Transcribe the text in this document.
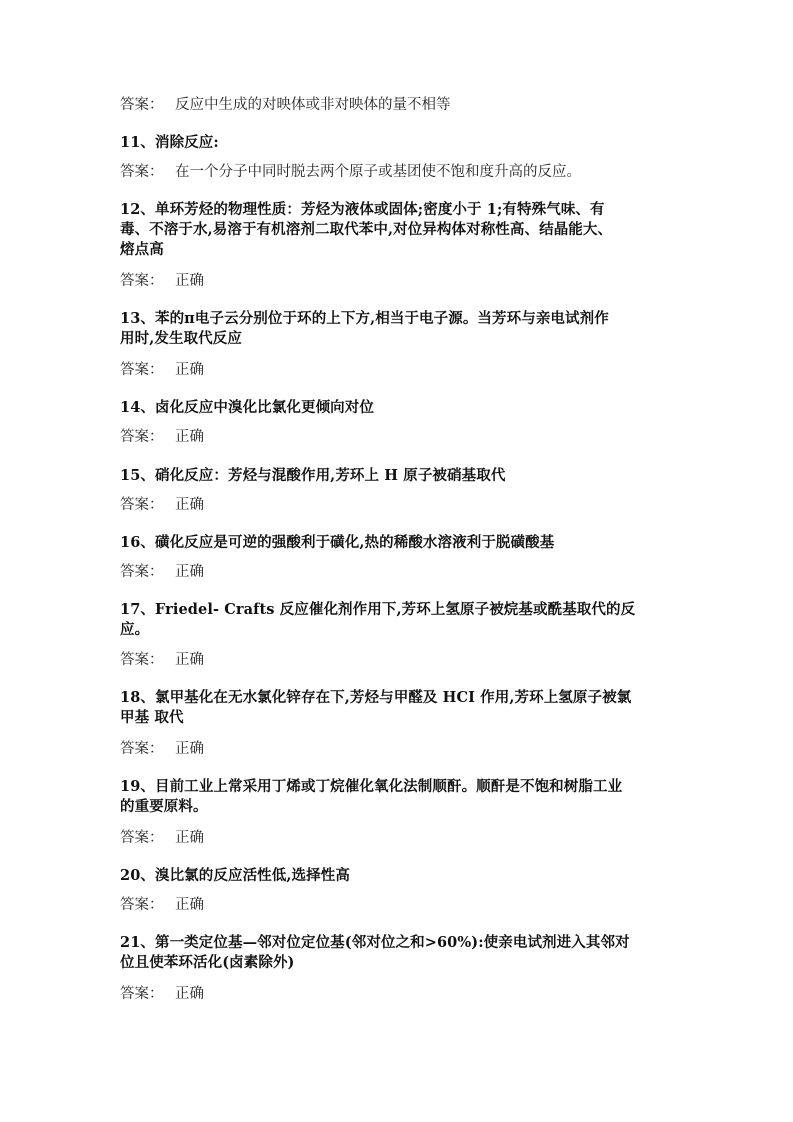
答案： 反应中生成的对映体或非对映体的量不相等

11、消除反应:

答案： 在一个分子中同时脱去两个原子或基团使不饱和度升高的反应。

12、单环芳烃的物理性质：芳烃为液体或固体;密度小于 1;有特殊气味、有
毒、不溶于水,易溶于有机溶剂二取代苯中,对位异构体对称性高、结晶能大、
熔点高

答案： 正确

13、苯的π电子云分别位于环的上下方,相当于电子源。当芳环与亲电试剂作
用时,发生取代反应

答案： 正确

14、卤化反应中溴化比氯化更倾向对位

答案： 正确

15、硝化反应：芳烃与混酸作用,芳环上 H 原子被硝基取代

答案： 正确

16、磺化反应是可逆的强酸利于磺化,热的稀酸水溶液利于脱磺酸基

答案： 正确

17、Friedel- Crafts 反应催化剂作用下,芳环上氢原子被烷基或酰基取代的反
应。

答案： 正确

18、氯甲基化在无水氯化锌存在下,芳烃与甲醛及 HCI 作用,芳环上氢原子被氯
甲基 取代

答案： 正确

19、目前工业上常采用丁烯或丁烷催化氧化法制顺酐。顺酐是不饱和树脂工业
的重要原料。

答案： 正确

20、溴比氯的反应活性低,选择性高

答案： 正确

21、第一类定位基—邻对位定位基(邻对位之和>60%):使亲电试剂进入其邻对
位且使苯环活化(卤素除外)

答案： 正确
